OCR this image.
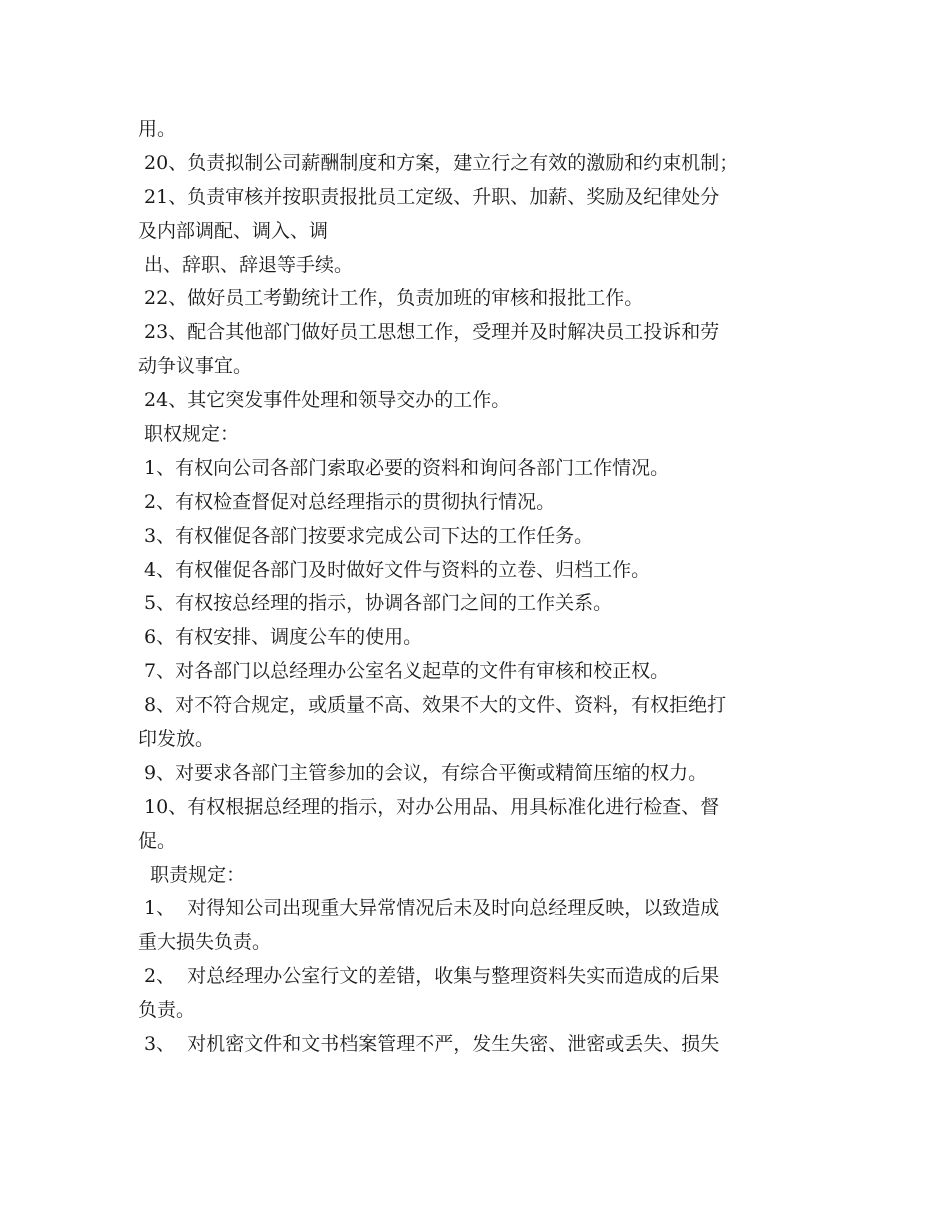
用。
20、负责拟制公司薪酬制度和方案，建立行之有效的激励和约束机制；
21、负责审核并按职责报批员工定级、升职、加薪、奖励及纪律处分
及内部调配、调入、调
出、辞职、辞退等手续。
22、做好员工考勤统计工作，负责加班的审核和报批工作。
23、配合其他部门做好员工思想工作，受理并及时解决员工投诉和劳
动争议事宜。
24、其它突发事件处理和领导交办的工作。
职权规定：
1、有权向公司各部门索取必要的资料和询问各部门工作情况。
2、有权检查督促对总经理指示的贯彻执行情况。
3、有权催促各部门按要求完成公司下达的工作任务。
4、有权催促各部门及时做好文件与资料的立卷、归档工作。
5、有权按总经理的指示，协调各部门之间的工作关系。
6、有权安排、调度公车的使用。
7、对各部门以总经理办公室名义起草的文件有审核和校正权。
8、对不符合规定，或质量不高、效果不大的文件、资料，有权拒绝打
印发放。
9、对要求各部门主管参加的会议，有综合平衡或精简压缩的权力。
10、有权根据总经理的指示，对办公用品、用具标准化进行检查、督
促。
职责规定：
1、  对得知公司出现重大异常情况后未及时向总经理反映，以致造成
重大损失负责。
2、  对总经理办公室行文的差错，收集与整理资料失实而造成的后果
负责。
3、  对机密文件和文书档案管理不严，发生失密、泄密或丢失、损失
